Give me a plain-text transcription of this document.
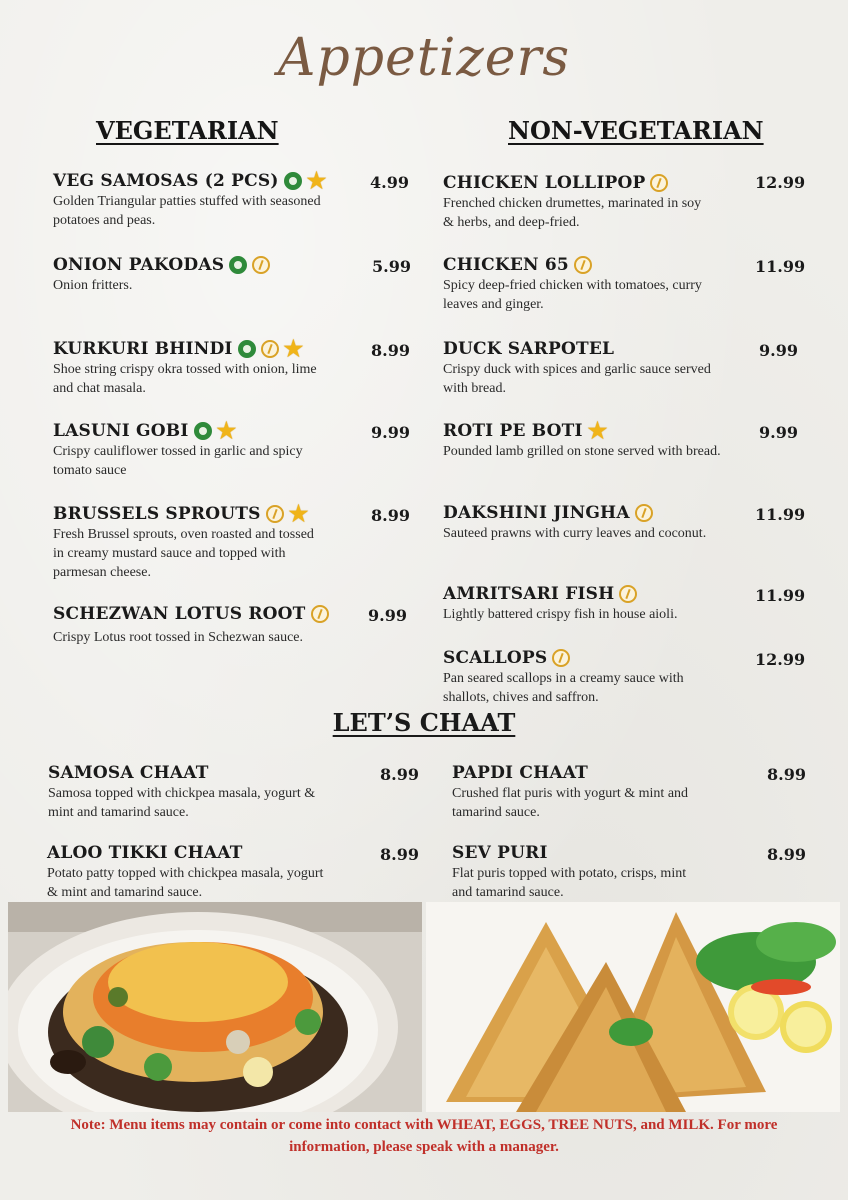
Appetizers
VEGETARIAN	NON-VEGETARIAN
VEG SAMOSAS (2 PCS) ★
Golden Triangular patties stuffed with seasoned potatoes and peas.
4.99
ONION PAKODAS
Onion fritters.
5.99
KURKURI BHINDI ★
Shoe string crispy okra tossed with onion, lime and chat masala.
8.99
LASUNI GOBI ★
Crispy cauliflower tossed in garlic and spicy tomato sauce
9.99
BRUSSELS SPROUTS ★
Fresh Brussel sprouts, oven roasted and tossed in creamy mustard sauce and topped with parmesan cheese.
8.99
SCHEZWAN LOTUS ROOT
Crispy Lotus root tossed in Schezwan sauce.
9.99
CHICKEN LOLLIPOP
Frenched chicken drumettes, marinated in soy & herbs, and deep-fried.
12.99
CHICKEN 65
Spicy deep-fried chicken with tomatoes, curry leaves and ginger.
11.99
DUCK SARPOTEL
Crispy duck with spices and garlic sauce served with bread.
9.99
ROTI PE BOTI ★
Pounded lamb grilled on stone served with bread.
9.99
DAKSHINI JINGHA
Sauteed prawns with curry leaves and coconut.
11.99
AMRITSARI FISH
Lightly battered crispy fish in house aioli.
11.99
SCALLOPS
Pan seared scallops in a creamy sauce with shallots, chives and saffron.
12.99
LET’S CHAAT
SAMOSA CHAAT
Samosa topped with chickpea masala, yogurt & mint and tamarind sauce.
8.99 PAPDI CHAAT
Crushed flat puris with yogurt & mint and tamarind sauce.
8.99
ALOO TIKKI CHAAT
Potato patty topped with chickpea masala, yogurt & mint and tamarind sauce.
8.99 SEV PURI
Flat puris topped with potato, crisps, mint and tamarind sauce.
8.99
Note: Menu items may contain or come into contact with WHEAT, EGGS, TREE NUTS, and MILK. For more information, please speak with a manager.
